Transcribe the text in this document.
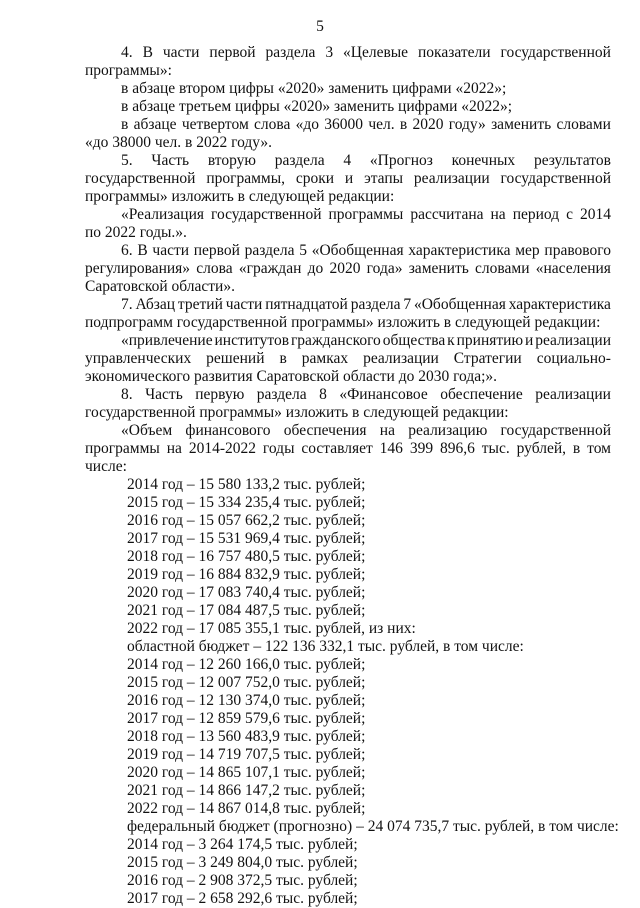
5
4. В части первой раздела 3 «Целевые показатели государственной
программы»:
в абзаце втором цифры «2020» заменить цифрами «2022»;
в абзаце третьем цифры «2020» заменить цифрами «2022»;
в абзаце четвертом слова «до 36000 чел. в 2020 году» заменить словами
«до 38000 чел. в 2022 году».
5. Часть вторую раздела 4 «Прогноз конечных результатов
государственной программы, сроки и этапы реализации государственной
программы» изложить в следующей редакции:
«Реализация государственной программы рассчитана на период с 2014
по 2022 годы.».
6. В части первой раздела 5 «Обобщенная характеристика мер правового
регулирования» слова «граждан до 2020 года» заменить словами «населения
Саратовской области».
7. Абзац третий части пятнадцатой раздела 7 «Обобщенная характеристика
подпрограмм государственной программы» изложить в следующей редакции:
«привлечение институтов гражданского общества к принятию и реализации
управленческих решений в рамках реализации Стратегии социально-
экономического развития Саратовской области до 2030 года;».
8. Часть первую раздела 8 «Финансовое обеспечение реализации
государственной программы» изложить в следующей редакции:
«Объем финансового обеспечения на реализацию государственной
программы на 2014-2022 годы составляет 146 399 896,6 тыс. рублей, в том
числе:
2014 год – 15 580 133,2 тыс. рублей;
2015 год – 15 334 235,4 тыс. рублей;
2016 год – 15 057 662,2 тыс. рублей;
2017 год – 15 531 969,4 тыс. рублей;
2018 год – 16 757 480,5 тыс. рублей;
2019 год – 16 884 832,9 тыс. рублей;
2020 год – 17 083 740,4 тыс. рублей;
2021 год – 17 084 487,5 тыс. рублей;
2022 год – 17 085 355,1 тыс. рублей, из них:
областной бюджет – 122 136 332,1 тыс. рублей, в том числе:
2014 год – 12 260 166,0 тыс. рублей;
2015 год – 12 007 752,0 тыс. рублей;
2016 год – 12 130 374,0 тыс. рублей;
2017 год – 12 859 579,6 тыс. рублей;
2018 год – 13 560 483,9 тыс. рублей;
2019 год – 14 719 707,5 тыс. рублей;
2020 год – 14 865 107,1 тыс. рублей;
2021 год – 14 866 147,2 тыс. рублей;
2022 год – 14 867 014,8 тыс. рублей;
федеральный бюджет (прогнозно) – 24 074 735,7 тыс. рублей, в том числе:
2014 год – 3 264 174,5 тыс. рублей;
2015 год – 3 249 804,0 тыс. рублей;
2016 год – 2 908 372,5 тыс. рублей;
2017 год – 2 658 292,6 тыс. рублей;
